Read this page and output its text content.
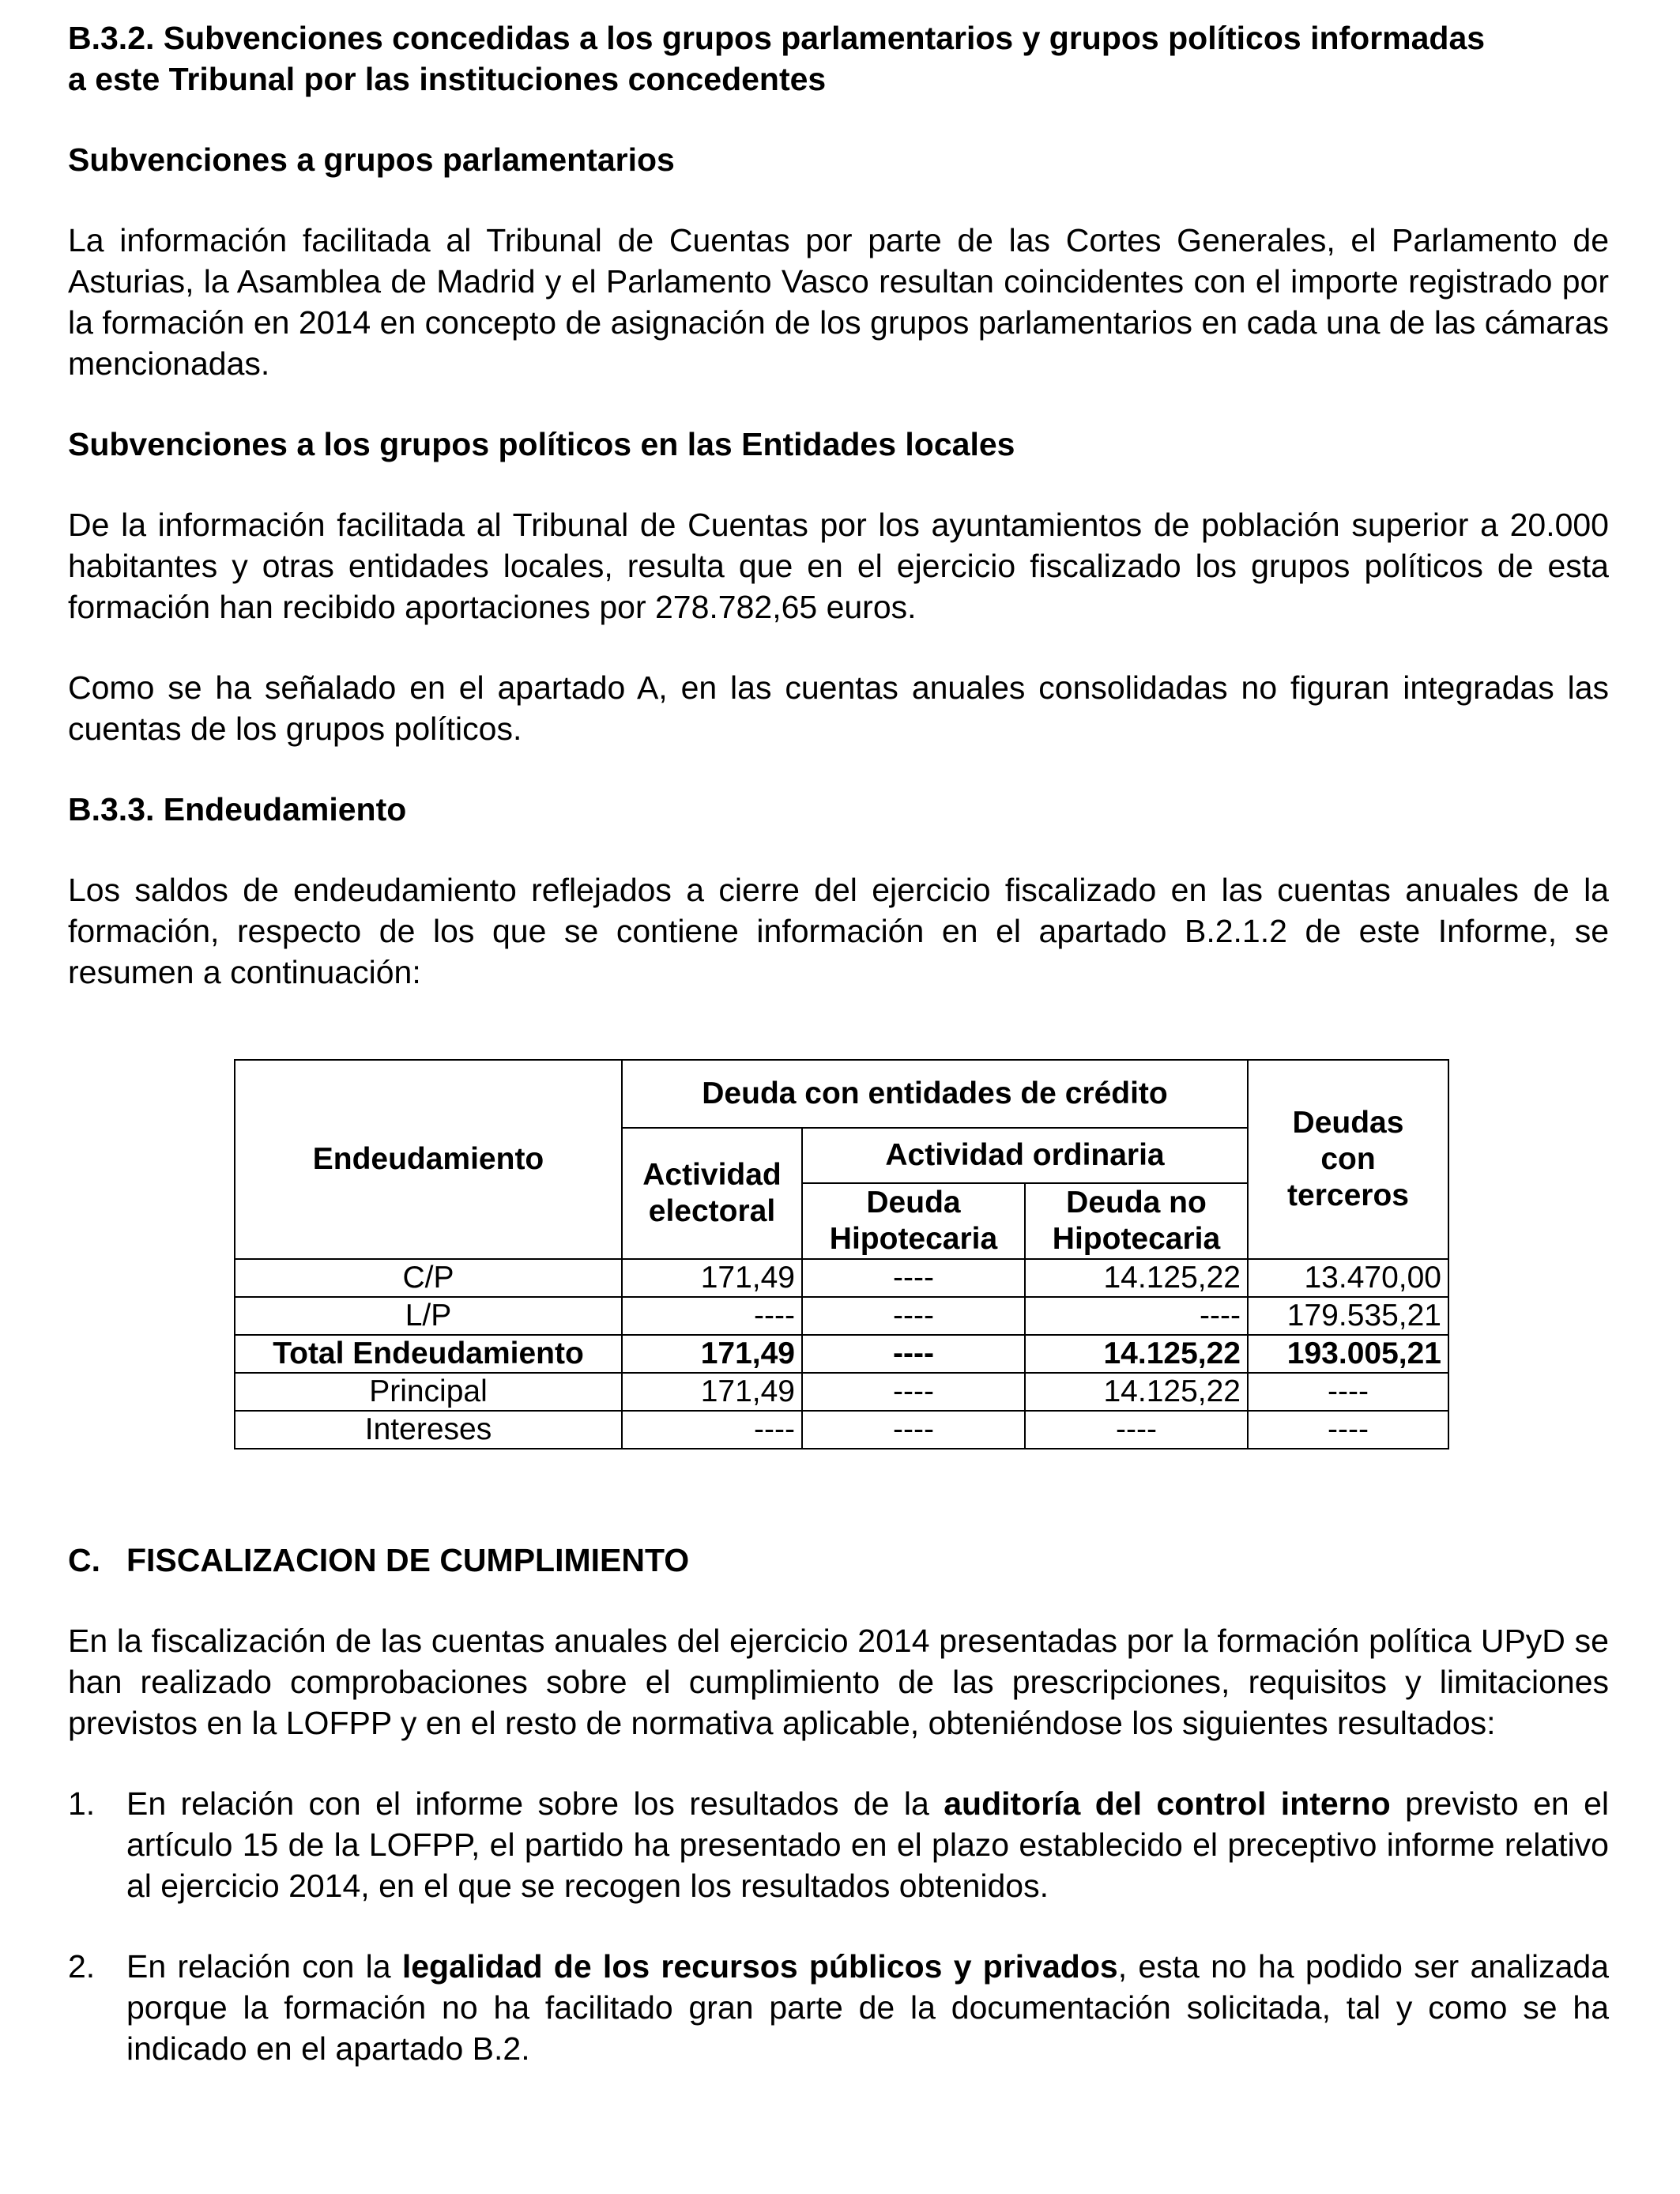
B.3.2. Subvenciones concedidas a los grupos parlamentarios y grupos políticos informadas
a este Tribunal por las instituciones concedentes

Subvenciones a grupos parlamentarios

La información facilitada al Tribunal de Cuentas por parte de las Cortes Generales, el Parlamento de Asturias, la Asamblea de Madrid y el Parlamento Vasco resultan coincidentes con el importe registrado por la formación en 2014 en concepto de asignación de los grupos parlamentarios en cada una de las cámaras mencionadas.

Subvenciones a los grupos políticos en las Entidades locales

De la información facilitada al Tribunal de Cuentas por los ayuntamientos de población superior a 20.000 habitantes y otras entidades locales, resulta que en el ejercicio fiscalizado los grupos políticos de esta formación han recibido aportaciones por 278.782,65 euros.

Como se ha señalado en el apartado A, en las cuentas anuales consolidadas no figuran integradas las cuentas de los grupos políticos.

B.3.3. Endeudamiento

Los saldos de endeudamiento reflejados a cierre del ejercicio fiscalizado en las cuentas anuales de la formación, respecto de los que se contiene información en el apartado B.2.1.2 de este Informe, se resumen a continuación:

C. FISCALIZACION DE CUMPLIMIENTO

En la fiscalización de las cuentas anuales del ejercicio 2014 presentadas por la formación política UPyD se han realizado comprobaciones sobre el cumplimiento de las prescripciones, requisitos y limitaciones previstos en la LOFPP y en el resto de normativa aplicable, obteniéndose los siguientes resultados:

1. En relación con el informe sobre los resultados de la auditoría del control interno previsto en el artículo 15 de la LOFPP, el partido ha presentado en el plazo establecido el preceptivo informe relativo al ejercicio 2014, en el que se recogen los resultados obtenidos.
2. En relación con la legalidad de los recursos públicos y privados, esta no ha podido ser analizada porque la formación no ha facilitado gran parte de la documentación solicitada, tal y como se ha indicado en el apartado B.2.
Endeudamiento	Deuda con entidades de crédito			Deudas con terceros
	Actividad electoral	Actividad ordinaria		
		Deuda Hipotecaria	Deuda no Hipotecaria	
C/P	171,49	----	14.125,22	13.470,00
L/P	----	----	----	179.535,21
Total Endeudamiento	171,49	----	14.125,22	193.005,21
Principal	171,49	----	14.125,22	----
Intereses	----	----	----	----
